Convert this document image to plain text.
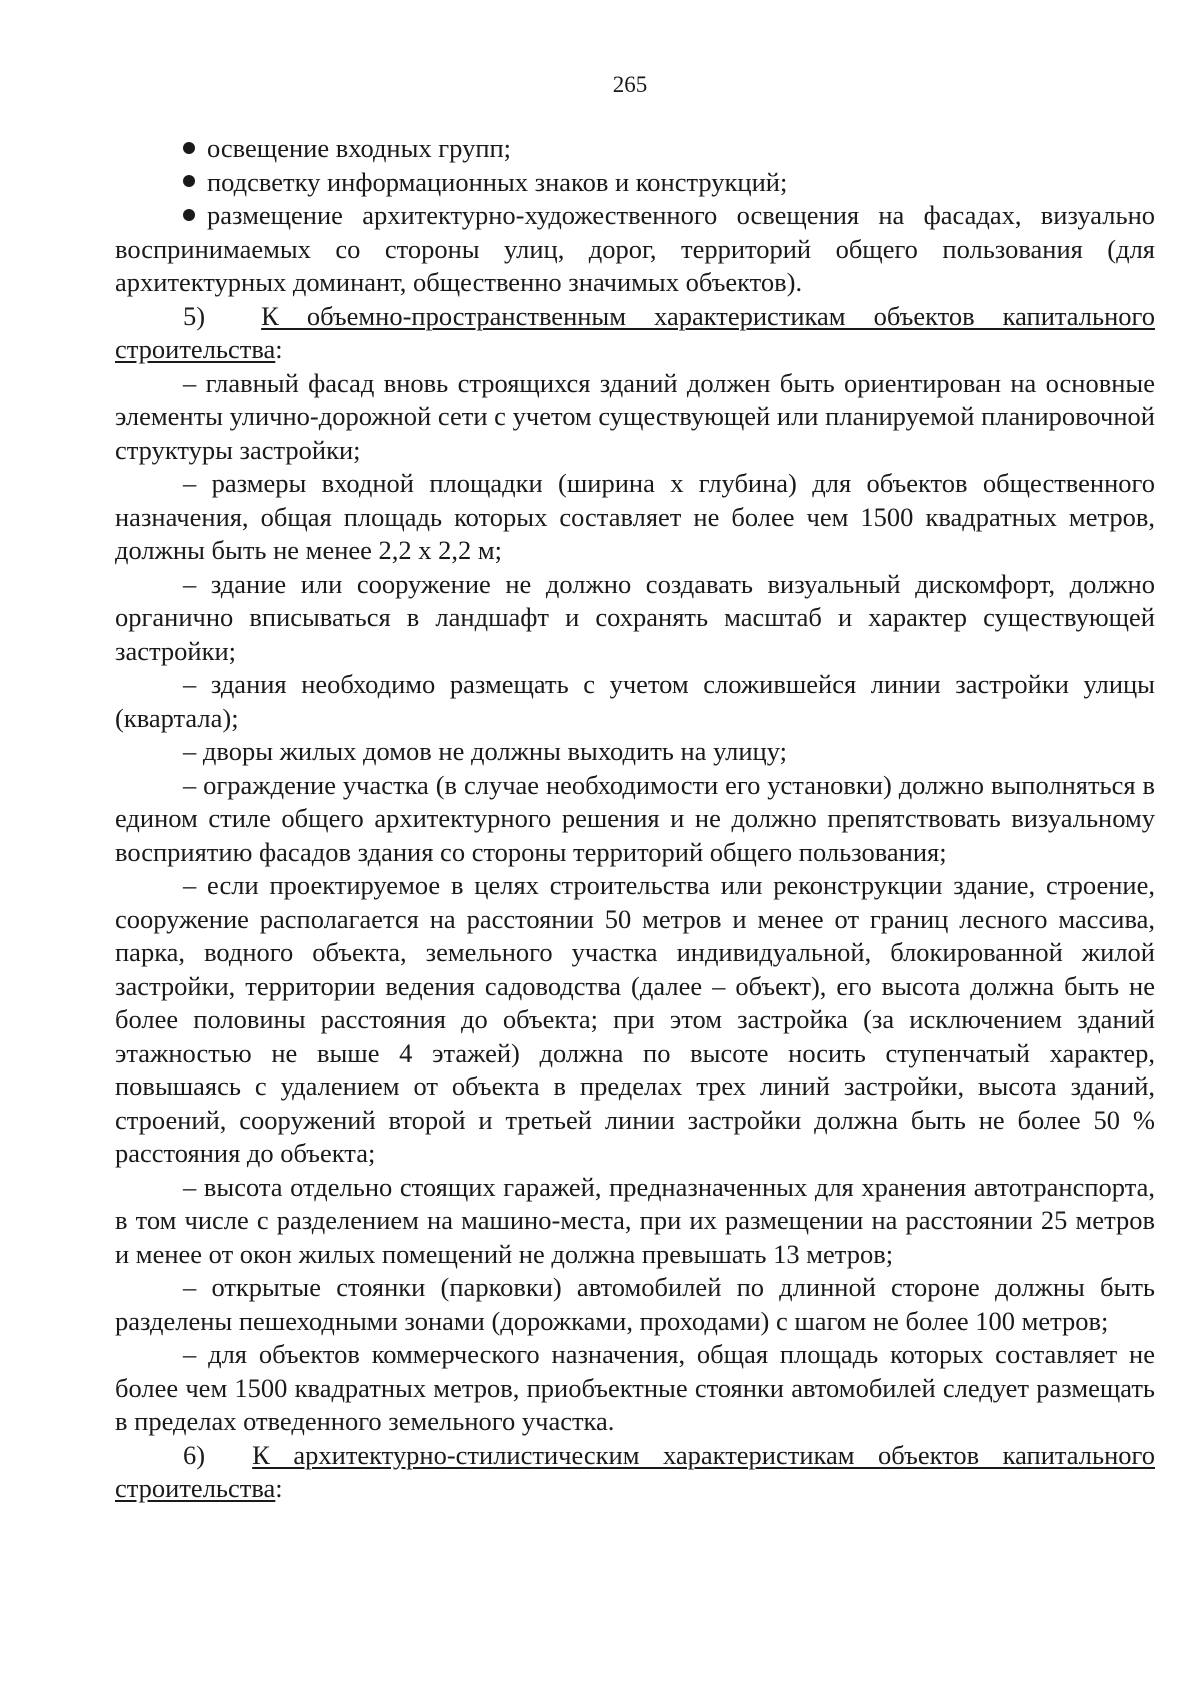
265

освещение входных групп;

подсветку информационных знаков и конструкций;

размещение архитектурно-художественного освещения на фасадах, визуально воспринимаемых со стороны улиц, дорог, территорий общего пользования (для архитектурных доминант, общественно значимых объектов).

5) К объемно-пространственным характеристикам объектов капитального строительства:

– главный фасад вновь строящихся зданий должен быть ориентирован на основные элементы улично-дорожной сети с учетом существующей или планируемой планировочной структуры застройки;

– размеры входной площадки (ширина х глубина) для объектов общественного назначения, общая площадь которых составляет не более чем 1500 квадратных метров, должны быть не менее 2,2 х 2,2 м;

– здание или сооружение не должно создавать визуальный дискомфорт, должно органично вписываться в ландшафт и сохранять масштаб и характер существующей застройки;

– здания необходимо размещать с учетом сложившейся линии застройки улицы (квартала);

– дворы жилых домов не должны выходить на улицу;

– ограждение участка (в случае необходимости его установки) должно выполняться в едином стиле общего архитектурного решения и не должно препятствовать визуальному восприятию фасадов здания со стороны территорий общего пользования;

– если проектируемое в целях строительства или реконструкции здание, строение, сооружение располагается на расстоянии 50 метров и менее от границ лесного массива, парка, водного объекта, земельного участка индивидуальной, блокированной жилой застройки, территории ведения садоводства (далее – объект), его высота должна быть не более половины расстояния до объекта; при этом застройка (за исключением зданий этажностью не выше 4 этажей) должна по высоте носить ступенчатый характер, повышаясь с удалением от объекта в пределах трех линий застройки, высота зданий, строений, сооружений второй и третьей линии застройки должна быть не более 50 % расстояния до объекта;

– высота отдельно стоящих гаражей, предназначенных для хранения автотранспорта, в том числе с разделением на машино-места, при их размещении на расстоянии 25 метров и менее от окон жилых помещений не должна превышать 13 метров;

– открытые стоянки (парковки) автомобилей по длинной стороне должны быть разделены пешеходными зонами (дорожками, проходами) с шагом не более 100 метров;

– для объектов коммерческого назначения, общая площадь которых составляет не более чем 1500 квадратных метров, приобъектные стоянки автомобилей следует размещать в пределах отведенного земельного участка.

6) К архитектурно-стилистическим характеристикам объектов капитального строительства:
